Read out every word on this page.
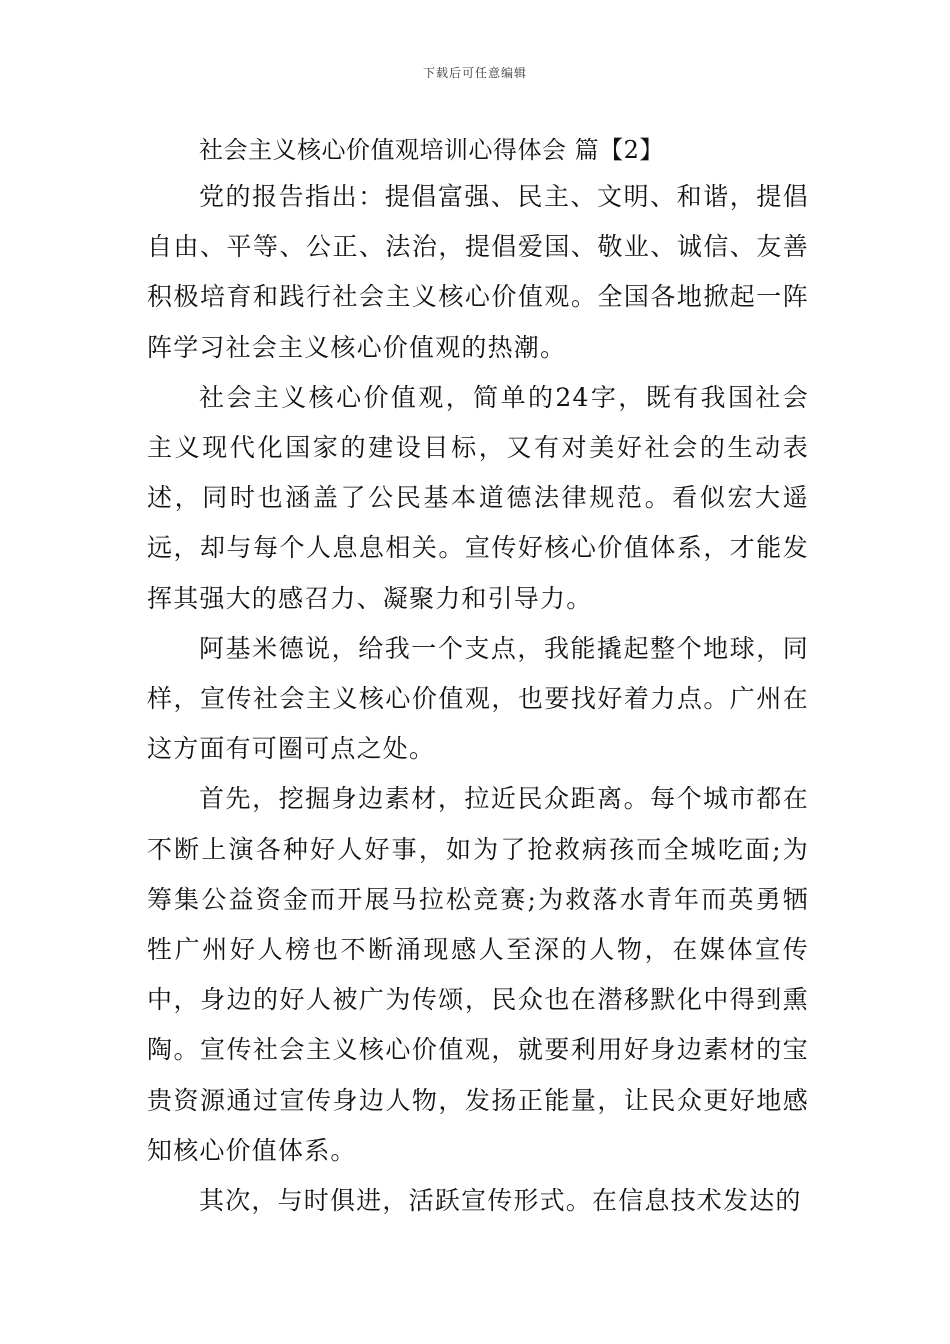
下载后可任意编辑
社会主义核心价值观培训心得体会 篇【2】

党的报告指出：提倡富强、民主、文明、和谐，提倡自由、平等、公正、法治，提倡爱国、敬业、诚信、友善积极培育和践行社会主义核心价值观。全国各地掀起一阵阵学习社会主义核心价值观的热潮。

社会主义核心价值观，简单的24字，既有我国社会主义现代化国家的建设目标，又有对美好社会的生动表述，同时也涵盖了公民基本道德法律规范。看似宏大遥远，却与每个人息息相关。宣传好核心价值体系，才能发挥其强大的感召力、凝聚力和引导力。

阿基米德说，给我一个支点，我能撬起整个地球，同样，宣传社会主义核心价值观，也要找好着力点。广州在这方面有可圈可点之处。

首先，挖掘身边素材，拉近民众距离。每个城市都在不断上演各种好人好事，如为了抢救病孩而全城吃面;为筹集公益资金而开展马拉松竞赛;为救落水青年而英勇牺牲广州好人榜也不断涌现感人至深的人物，在媒体宣传中，身边的好人被广为传颂，民众也在潜移默化中得到熏陶。宣传社会主义核心价值观，就要利用好身边素材的宝贵资源通过宣传身边人物，发扬正能量，让民众更好地感知核心价值体系。

其次，与时俱进，活跃宣传形式。在信息技术发达的
